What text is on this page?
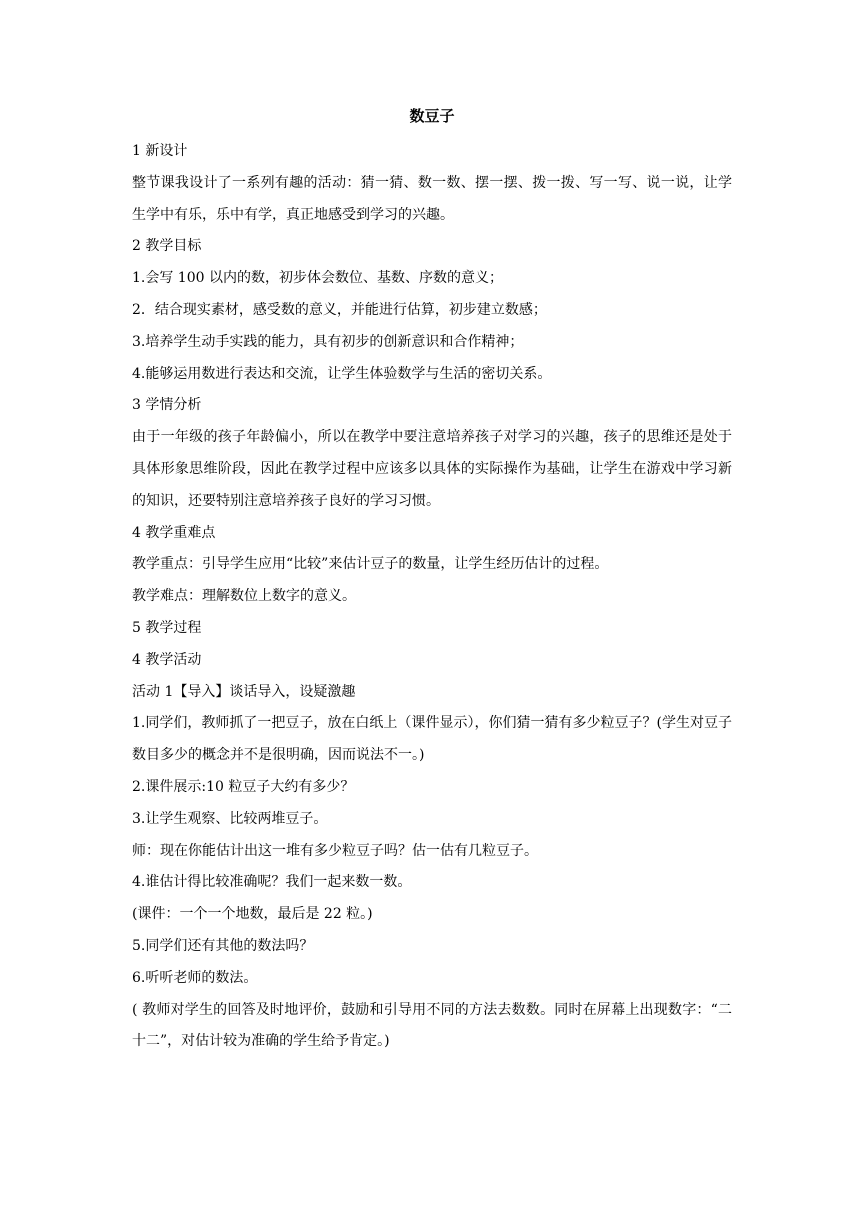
数豆子

1 新设计

整节课我设计了一系列有趣的活动：猜一猜、数一数、摆一摆、拨一拨、写一写、说一说，让学生学中有乐，乐中有学，真正地感受到学习的兴趣。

2 教学目标

1.会写 100 以内的数，初步体会数位、基数、序数的意义；

2．结合现实素材，感受数的意义，并能进行估算，初步建立数感；

3.培养学生动手实践的能力，具有初步的创新意识和合作精神；

4.能够运用数进行表达和交流，让学生体验数学与生活的密切关系。

3 学情分析

由于一年级的孩子年龄偏小，所以在教学中要注意培养孩子对学习的兴趣，孩子的思维还是处于具体形象思维阶段，因此在教学过程中应该多以具体的实际操作为基础，让学生在游戏中学习新的知识，还要特别注意培养孩子良好的学习习惯。

4 教学重难点

教学重点：引导学生应用“比较”来估计豆子的数量，让学生经历估计的过程。

教学难点：理解数位上数字的意义。

5 教学过程

4 教学活动

活动 1【导入】谈话导入，设疑激趣

1.同学们，教师抓了一把豆子，放在白纸上（课件显示），你们猜一猜有多少粒豆子？(学生对豆子数目多少的概念并不是很明确，因而说法不一。)

2.课件展示:10 粒豆子大约有多少？

3.让学生观察、比较两堆豆子。

师：现在你能估计出这一堆有多少粒豆子吗？估一估有几粒豆子。

4.谁估计得比较准确呢？我们一起来数一数。

(课件：一个一个地数，最后是 22 粒。)

5.同学们还有其他的数法吗？

6.听听老师的数法。

( 教师对学生的回答及时地评价，鼓励和引导用不同的方法去数数。同时在屏幕上出现数字：“二十二”，对估计较为准确的学生给予肯定。)
